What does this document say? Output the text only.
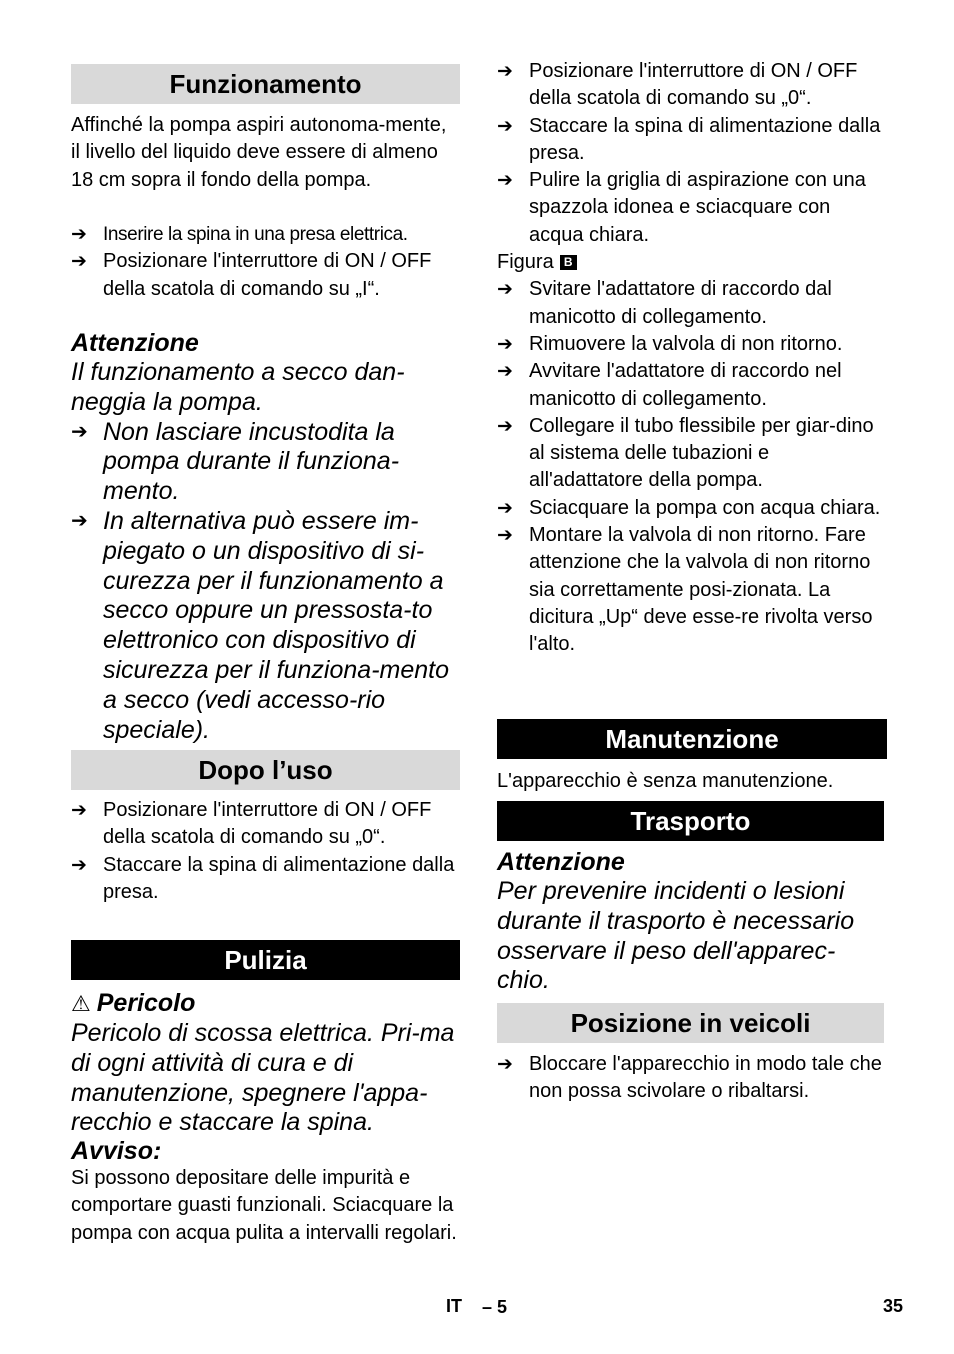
Funzionamento

Affinché la pompa aspiri autonoma-mente, il livello del liquido deve essere di almeno 18 cm sopra il fondo della pompa.

➔ Inserire la spina in una presa elettrica.

➔ Posizionare l'interruttore di ON / OFF della scatola di comando su „I“.

Attenzione

Il funzionamento a secco dan-neggia la pompa.

➔ Non lasciare incustodita la pompa durante il funziona-mento.
➔ In alternativa può essere im-piegato o un dispositivo di si-curezza per il funzionamento a secco oppure un pressosta-to elettronico con dispositivo di sicurezza per il funziona-mento a secco (vedi accesso-rio speciale).
Dopo l’uso
➔ Posizionare l'interruttore di ON / OFF della scatola di comando su „0“.
➔ Staccare la spina di alimentazione dalla presa.
Pulizia

⚠ Pericolo

Pericolo di scossa elettrica. Pri-ma di ogni attività di cura e di manutenzione, spegnere l'appa-recchio e staccare la spina.

Avviso:

Si possono depositare delle impurità e comportare guasti funzionali. Sciacquare la pompa con acqua pulita a intervalli regolari.

➔ Posizionare l'interruttore di ON / OFF della scatola di comando su „0“.
➔ Staccare la spina di alimentazione dalla presa.
➔ Pulire la griglia di aspirazione con una spazzola idonea e sciacquare con acqua chiara.

Figura B

➔ Svitare l'adattatore di raccordo dal manicotto di collegamento.
➔ Rimuovere la valvola di non ritorno.
➔ Avvitare l'adattatore di raccordo nel manicotto di collegamento.
➔ Collegare il tubo flessibile per giar-dino al sistema delle tubazioni e all'adattatore della pompa.
➔ Sciacquare la pompa con acqua chiara.
➔ Montare la valvola di non ritorno. Fare attenzione che la valvola di non ritorno sia correttamente posi-zionata. La dicitura „Up“ deve esse-re rivolta verso l'alto.
Manutenzione

L'apparecchio è senza manutenzione.

Trasporto

Attenzione

Per prevenire incidenti o lesioni durante il trasporto è necessario osservare il peso dell'apparec-chio.

Posizione in veicoli
➔ Bloccare l'apparecchio in modo tale che non possa scivolare o ribaltarsi.
IT – 5	35
